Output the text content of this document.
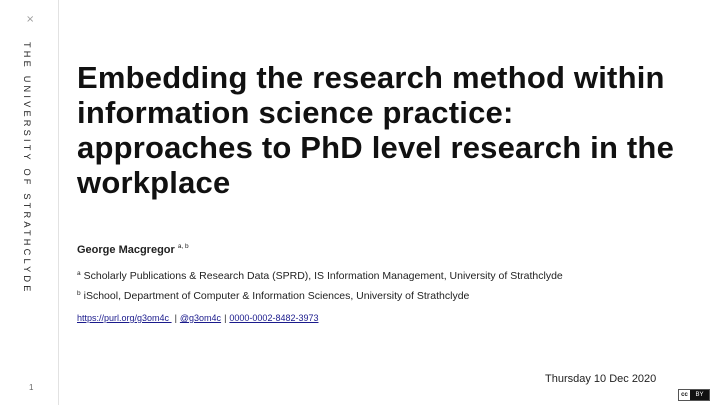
×
THE UNIVERSITY OF STRATHCLYDE
1
Embedding the research method within information science practice: approaches to PhD level research in the workplace
George Macgregor $^{a, b}$
$^a$ Scholarly Publications & Research Data (SPRD), IS Information Management, University of Strathclyde
$^b$ iSchool, Department of Computer & Information Sciences, University of Strathclyde
https://purl.org/g3om4c | @g3om4c | 0000-0002-8482-3973
Thursday 10 Dec 2020
cc	BY
